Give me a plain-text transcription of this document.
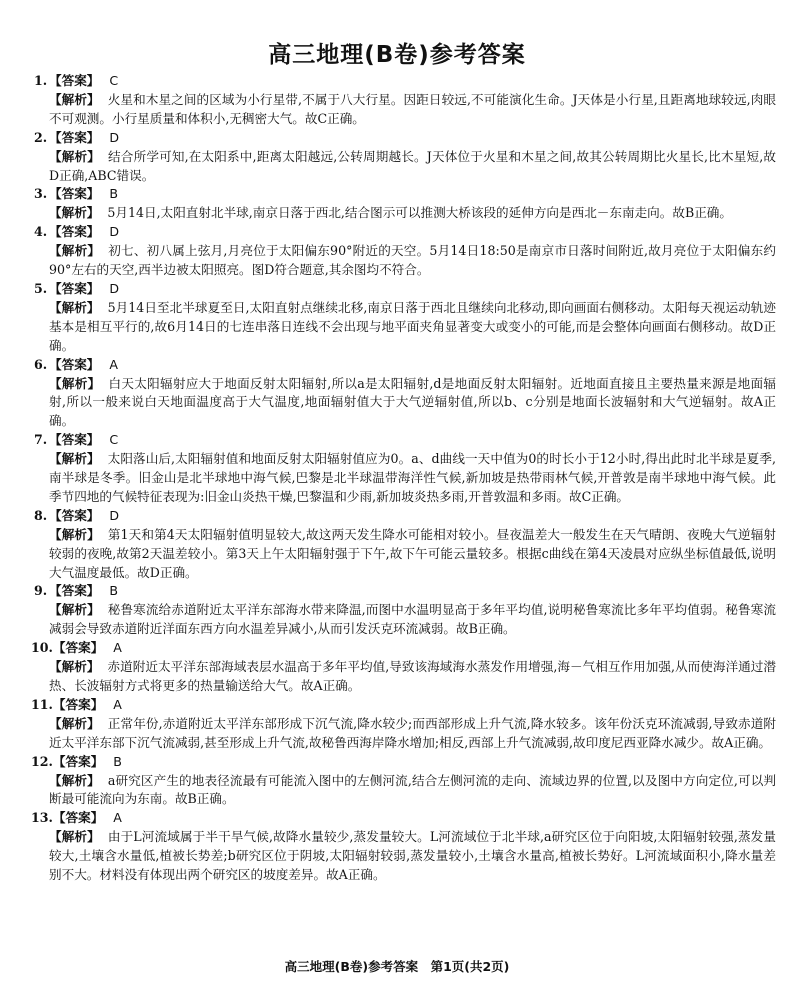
高三地理(B卷)参考答案
1. 【答案】 C
【解析】 火星和木星之间的区域为小行星带,不属于八大行星。因距日较远,不可能演化生命。J天体是小行星,且距离地球较远,肉眼不可观测。小行星质量和体积小,无稠密大气。故C正确。
2. 【答案】 D
【解析】 结合所学可知,在太阳系中,距离太阳越远,公转周期越长。J天体位于火星和木星之间,故其公转周期比火星长,比木星短,故D正确,ABC错误。
3. 【答案】 B
【解析】 5月14日,太阳直射北半球,南京日落于西北,结合图示可以推测大桥该段的延伸方向是西北－东南走向。故B正确。
4. 【答案】 D
【解析】 初七、初八属上弦月,月亮位于太阳偏东90°附近的天空。5月14日18:50是南京市日落时间附近,故月亮位于太阳偏东约90°左右的天空,西半边被太阳照亮。图D符合题意,其余图均不符合。
5. 【答案】 D
【解析】 5月14日至北半球夏至日,太阳直射点继续北移,南京日落于西北且继续向北移动,即向画面右侧移动。太阳每天视运动轨迹基本是相互平行的,故6月14日的七连串落日连线不会出现与地平面夹角显著变大或变小的可能,而是会整体向画面右侧移动。故D正确。
6. 【答案】 A
【解析】 白天太阳辐射应大于地面反射太阳辐射,所以a是太阳辐射,d是地面反射太阳辐射。近地面直接且主要热量来源是地面辐射,所以一般来说白天地面温度高于大气温度,地面辐射值大于大气逆辐射值,所以b、c分别是地面长波辐射和大气逆辐射。故A正确。
7. 【答案】 C
【解析】 太阳落山后,太阳辐射值和地面反射太阳辐射值应为0。a、d曲线一天中值为0的时长小于12小时,得出此时北半球是夏季,南半球是冬季。旧金山是北半球地中海气候,巴黎是北半球温带海洋性气候,新加坡是热带雨林气候,开普敦是南半球地中海气候。此季节四地的气候特征表现为:旧金山炎热干燥,巴黎温和少雨,新加坡炎热多雨,开普敦温和多雨。故C正确。
8. 【答案】 D
【解析】 第1天和第4天太阳辐射值明显较大,故这两天发生降水可能相对较小。昼夜温差大一般发生在天气晴朗、夜晚大气逆辐射较弱的夜晚,故第2天温差较小。第3天上午太阳辐射强于下午,故下午可能云量较多。根据c曲线在第4天凌晨对应纵坐标值最低,说明大气温度最低。故D正确。
9. 【答案】 B
【解析】 秘鲁寒流给赤道附近太平洋东部海水带来降温,而图中水温明显高于多年平均值,说明秘鲁寒流比多年平均值弱。秘鲁寒流减弱会导致赤道附近洋面东西方向水温差异减小,从而引发沃克环流减弱。故B正确。
10. 【答案】 A
【解析】 赤道附近太平洋东部海域表层水温高于多年平均值,导致该海域海水蒸发作用增强,海－气相互作用加强,从而使海洋通过潜热、长波辐射方式将更多的热量输送给大气。故A正确。
11. 【答案】 A
【解析】 正常年份,赤道附近太平洋东部形成下沉气流,降水较少;而西部形成上升气流,降水较多。该年份沃克环流减弱,导致赤道附近太平洋东部下沉气流减弱,甚至形成上升气流,故秘鲁西海岸降水增加;相反,西部上升气流减弱,故印度尼西亚降水减少。故A正确。
12. 【答案】 B
【解析】 a研究区产生的地表径流最有可能流入图中的左侧河流,结合左侧河流的走向、流域边界的位置,以及图中方向定位,可以判断最可能流向为东南。故B正确。
13. 【答案】 A
【解析】 由于L河流域属于半干旱气候,故降水量较少,蒸发量较大。L河流域位于北半球,a研究区位于向阳坡,太阳辐射较强,蒸发量较大,土壤含水量低,植被长势差;b研究区位于阴坡,太阳辐射较弱,蒸发量较小,土壤含水量高,植被长势好。L河流域面积小,降水量差别不大。材料没有体现出两个研究区的坡度差异。故A正确。
高三地理(B卷)参考答案　第1页(共2页)
